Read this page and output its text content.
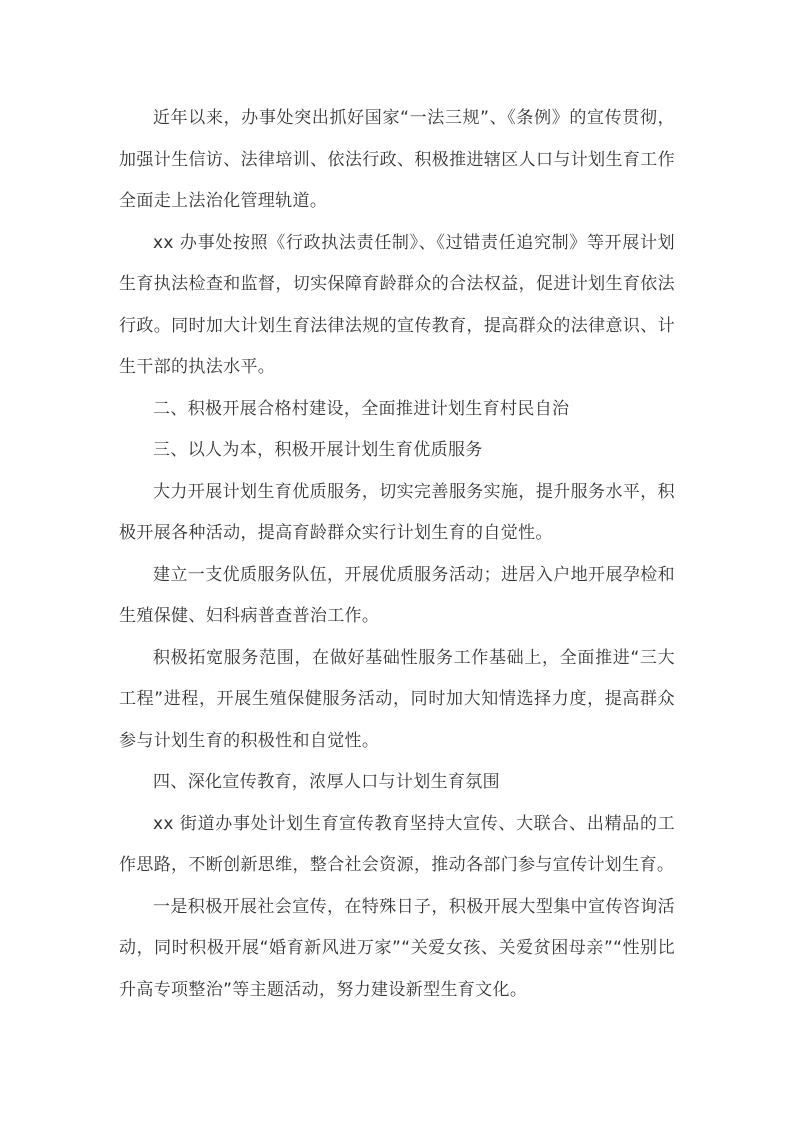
近年以来，办事处突出抓好国家“一法三规”、《条例》的宣传贯彻，加强计生信访、法律培训、依法行政、积极推进辖区人口与计划生育工作全面走上法治化管理轨道。

xx 办事处按照《行政执法责任制》、《过错责任追究制》等开展计划生育执法检查和监督，切实保障育龄群众的合法权益，促进计划生育依法行政。同时加大计划生育法律法规的宣传教育，提高群众的法律意识、计生干部的执法水平。

二、积极开展合格村建设，全面推进计划生育村民自治

三、以人为本，积极开展计划生育优质服务

大力开展计划生育优质服务，切实完善服务实施，提升服务水平，积极开展各种活动，提高育龄群众实行计划生育的自觉性。

建立一支优质服务队伍，开展优质服务活动；进居入户地开展孕检和生殖保健、妇科病普查普治工作。

积极拓宽服务范围，在做好基础性服务工作基础上，全面推进“三大工程”进程，开展生殖保健服务活动，同时加大知情选择力度，提高群众参与计划生育的积极性和自觉性。

四、深化宣传教育，浓厚人口与计划生育氛围

xx 街道办事处计划生育宣传教育坚持大宣传、大联合、出精品的工作思路，不断创新思维，整合社会资源，推动各部门参与宣传计划生育。

一是积极开展社会宣传，在特殊日子，积极开展大型集中宣传咨询活动，同时积极开展“婚育新风进万家”“关爱女孩、关爱贫困母亲”“性别比升高专项整治”等主题活动，努力建设新型生育文化。
